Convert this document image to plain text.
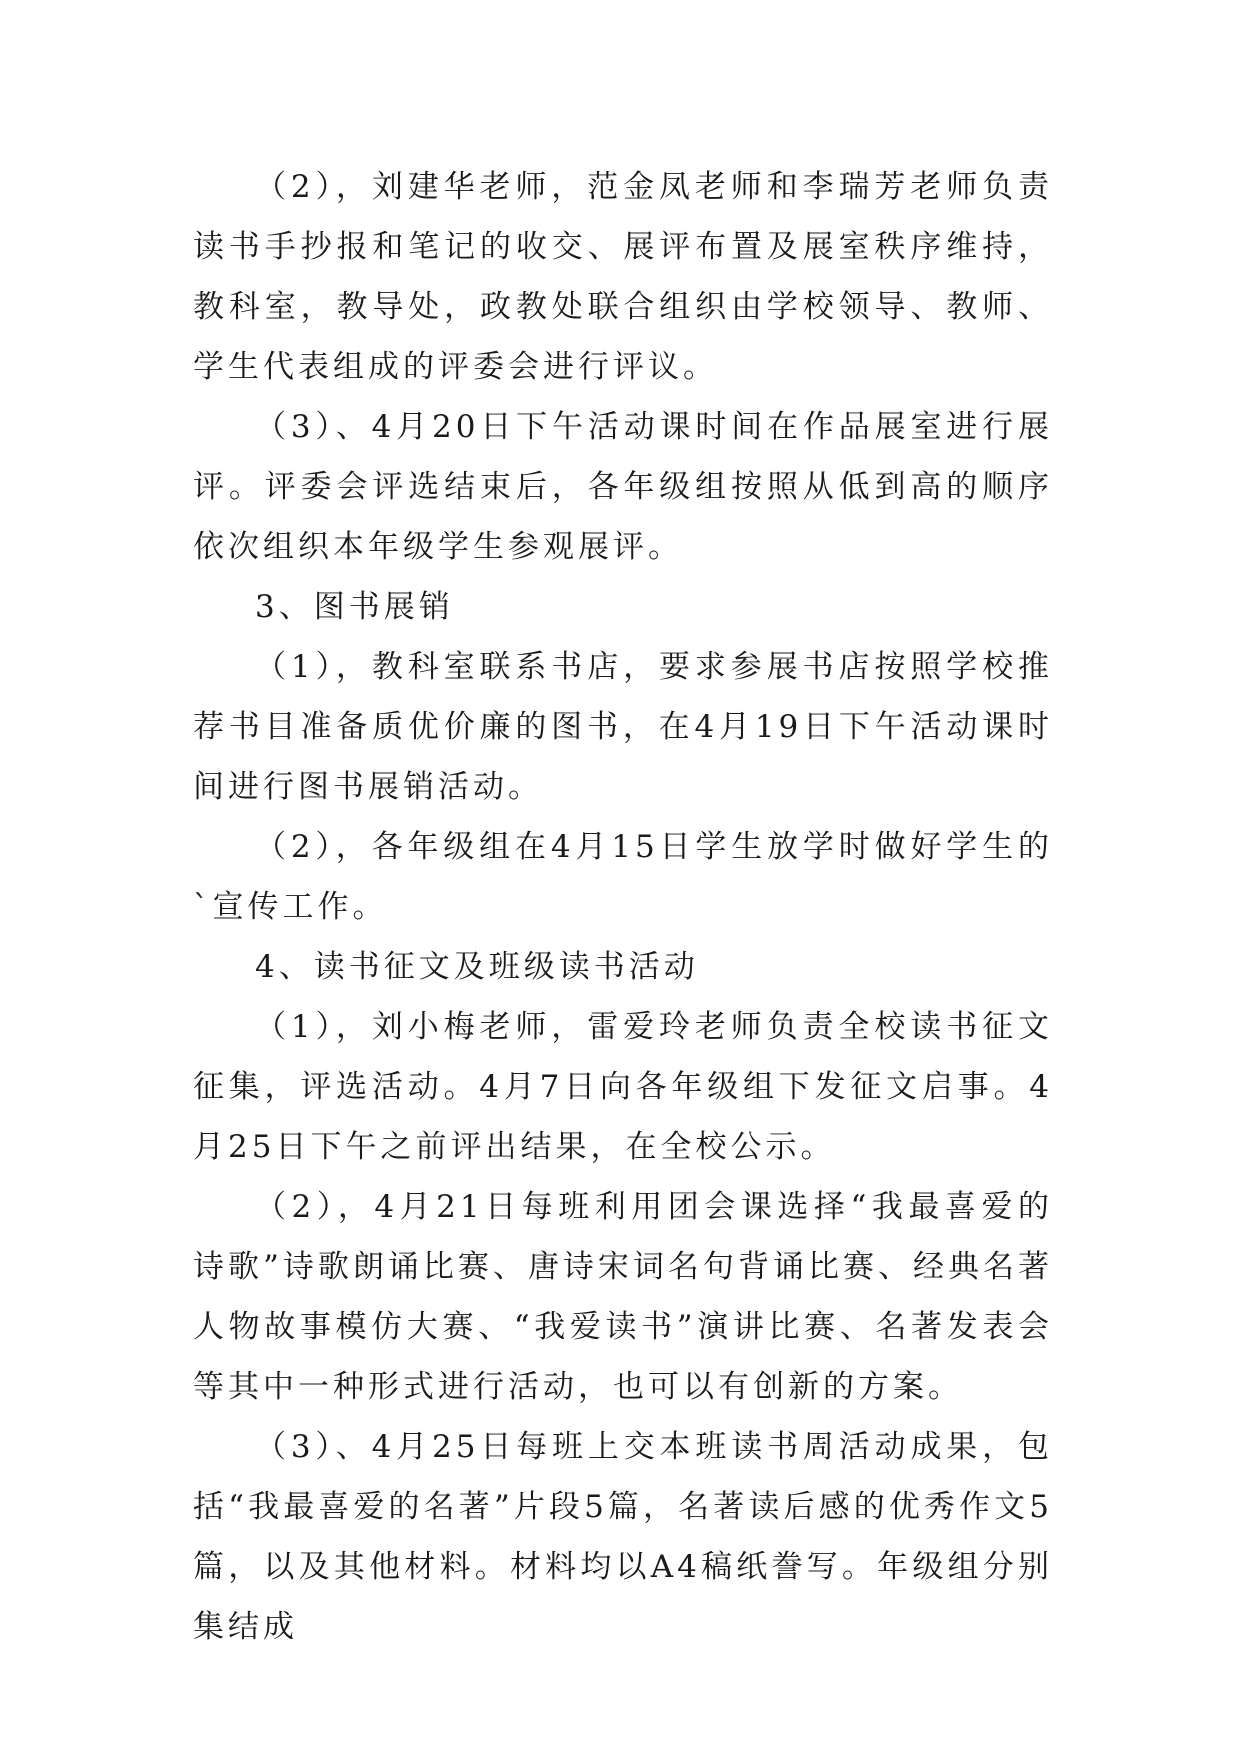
（2），刘建华老师，范金凤老师和李瑞芳老师负责读书手抄报和笔记的收交、展评布置及展室秩序维持，教科室，教导处，政教处联合组织由学校领导、教师、学生代表组成的评委会进行评议。

（3）、4月20日下午活动课时间在作品展室进行展评。评委会评选结束后，各年级组按照从低到高的顺序依次组织本年级学生参观展评。

3、图书展销

（1），教科室联系书店，要求参展书店按照学校推荐书目准备质优价廉的图书，在4月19日下午活动课时间进行图书展销活动。

（2），各年级组在4月15日学生放学时做好学生的`宣传工作。

4、读书征文及班级读书活动

（1），刘小梅老师，雷爱玲老师负责全校读书征文征集，评选活动。4月7日向各年级组下发征文启事。4月25日下午之前评出结果，在全校公示。

（2），4月21日每班利用团会课选择“我最喜爱的诗歌”诗歌朗诵比赛、唐诗宋词名句背诵比赛、经典名著人物故事模仿大赛、“我爱读书”演讲比赛、名著发表会等其中一种形式进行活动，也可以有创新的方案。

（3）、4月25日每班上交本班读书周活动成果，包括“我最喜爱的名著”片段5篇，名著读后感的优秀作文5篇，以及其他材料。材料均以A4稿纸誊写。年级组分别集结成
